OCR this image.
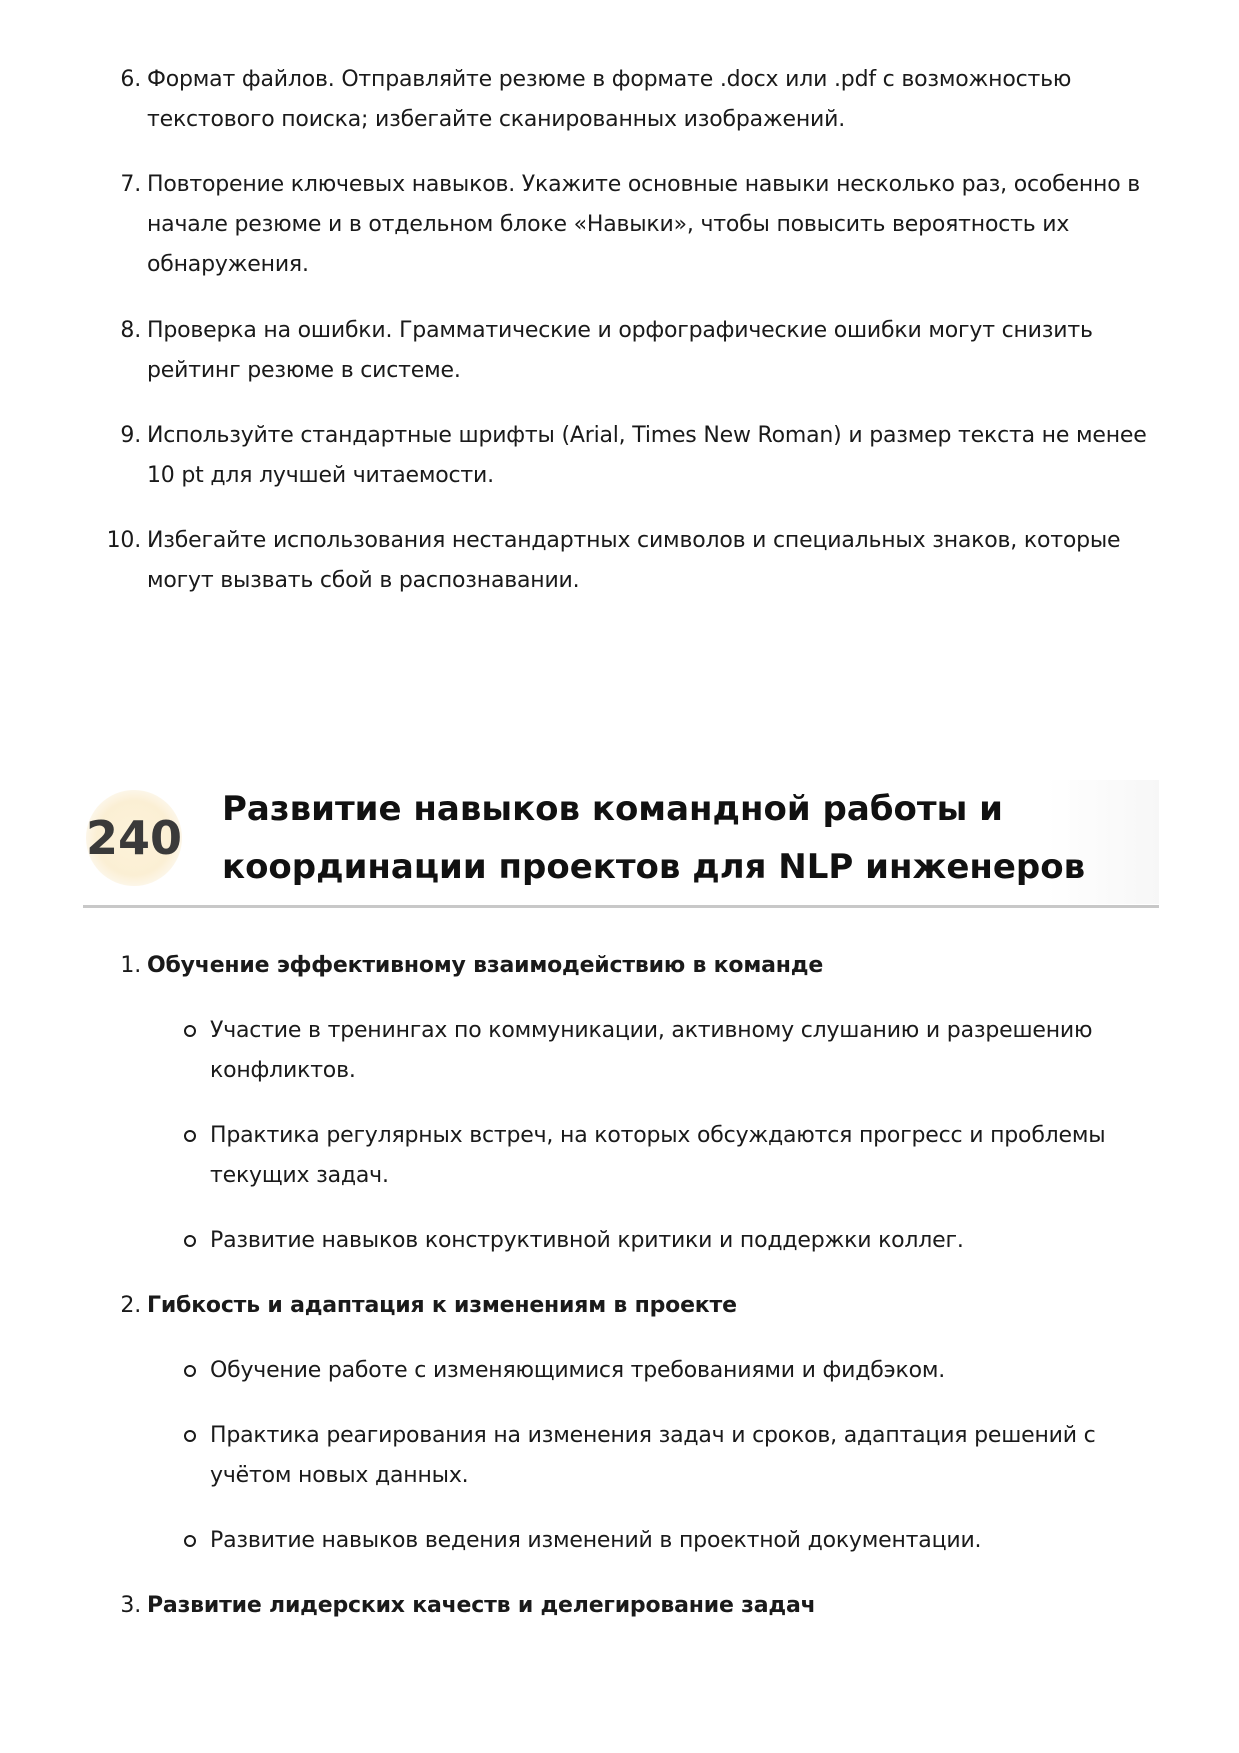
6. Формат файлов. Отправляйте резюме в формате .docx или .pdf с возможностью текстового поиска; избегайте сканированных изображений.
7. Повторение ключевых навыков. Укажите основные навыки несколько раз, особенно в начале резюме и в отдельном блоке «Навыки», чтобы повысить вероятность их обнаружения.
8. Проверка на ошибки. Грамматические и орфографические ошибки могут снизить рейтинг резюме в системе.
9. Используйте стандартные шрифты (Arial, Times New Roman) и размер текста не менее 10 pt для лучшей читаемости.
10. Избегайте использования нестандартных символов и специальных знаков, которые могут вызвать сбой в распознавании.
240
Развитие навыков командной работы и координации проектов для NLP инженеров
1. Обучение эффективному взаимодействию в команде
Участие в тренингах по коммуникации, активному слушанию и разрешению конфликтов.
Практика регулярных встреч, на которых обсуждаются прогресс и проблемы текущих задач.
Развитие навыков конструктивной критики и поддержки коллег.
2. Гибкость и адаптация к изменениям в проекте
Обучение работе с изменяющимися требованиями и фидбэком.
Практика реагирования на изменения задач и сроков, адаптация решений с учётом новых данных.
Развитие навыков ведения изменений в проектной документации.
3. Развитие лидерских качеств и делегирование задач
